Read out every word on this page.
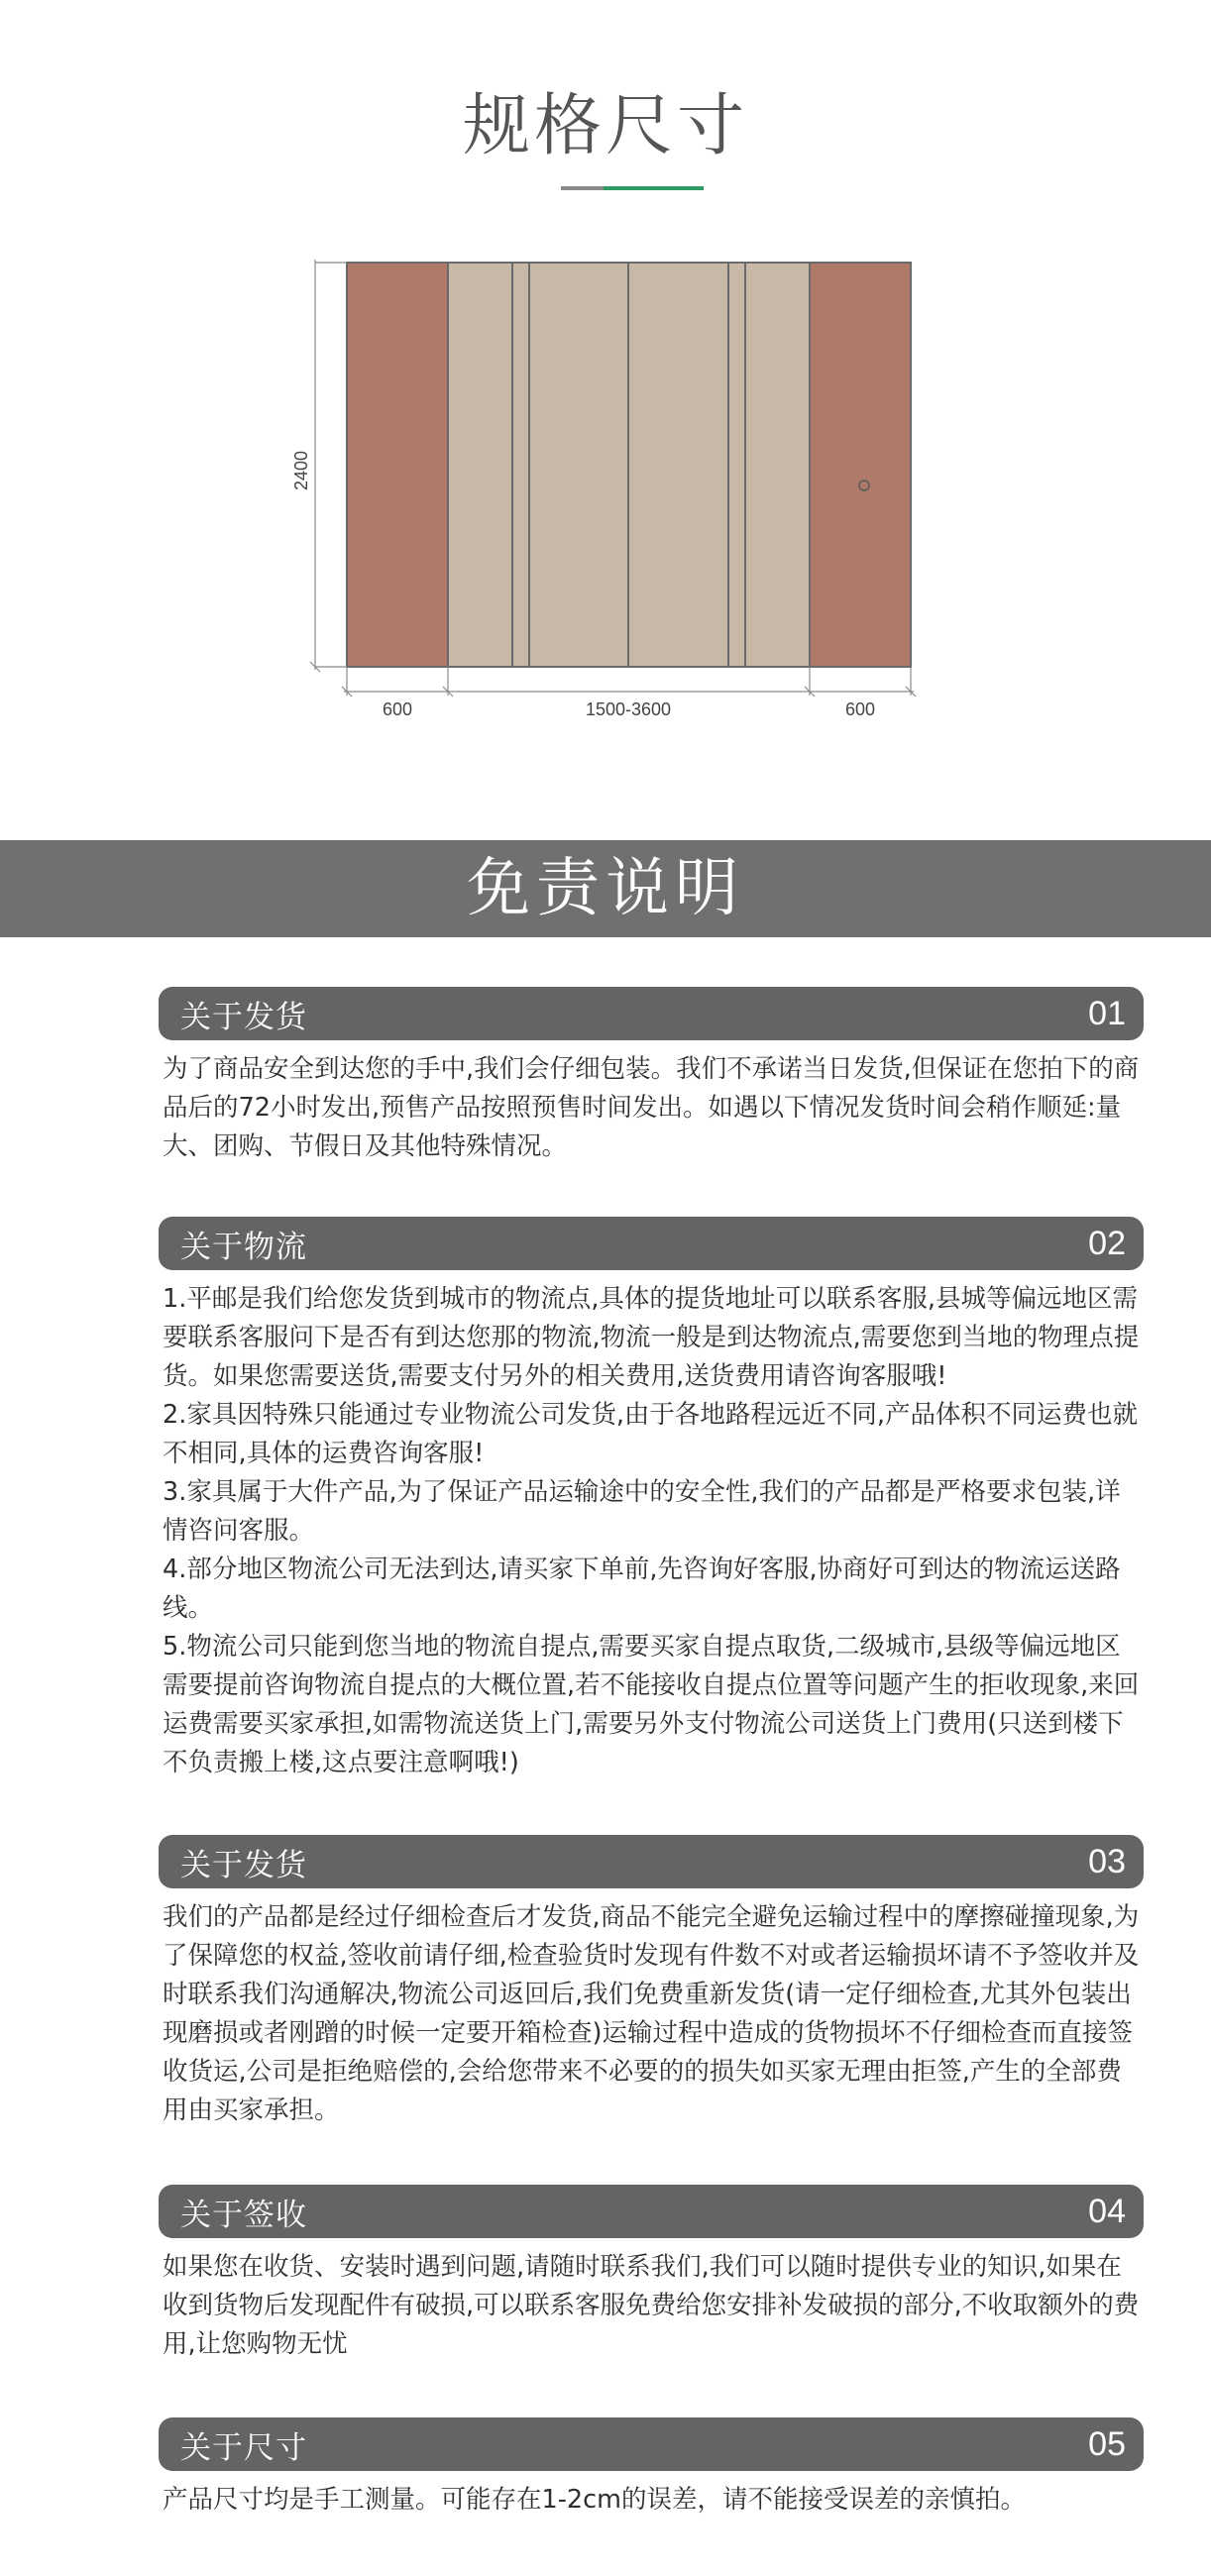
规格尺寸
2400
600	1500-3600	600
免责说明
关于发货	01

为了商品安全到达您的手中,我们会仔细包装。我们不承诺当日发货,但保证在您拍下的商品后的72小时发出,预售产品按照预售时间发出。如遇以下情况发货时间会稍作顺延:量大、团购、节假日及其他特殊情况。

关于物流	02

1.平邮是我们给您发货到城市的物流点,具体的提货地址可以联系客服,县城等偏远地区需要联系客服问下是否有到达您那的物流,物流一般是到达物流点,需要您到当地的物理点提货。如果您需要送货,需要支付另外的相关费用,送货费用请咨询客服哦!

2.家具因特殊只能通过专业物流公司发货,由于各地路程远近不同,产品体积不同运费也就不相同,具体的运费咨询客服!

3.家具属于大件产品,为了保证产品运输途中的安全性,我们的产品都是严格要求包装,详情咨问客服。

4.部分地区物流公司无法到达,请买家下单前,先咨询好客服,协商好可到达的物流运送路线。

5.物流公司只能到您当地的物流自提点,需要买家自提点取货,二级城市,县级等偏远地区需要提前咨询物流自提点的大概位置,若不能接收自提点位置等问题产生的拒收现象,来回运费需要买家承担,如需物流送货上门,需要另外支付物流公司送货上门费用(只送到楼下不负责搬上楼,这点要注意啊哦!)

关于发货	03

我们的产品都是经过仔细检查后才发货,商品不能完全避免运输过程中的摩擦碰撞现象,为了保障您的权益,签收前请仔细,检查验货时发现有件数不对或者运输损坏请不予签收并及时联系我们沟通解决,物流公司返回后,我们免费重新发货(请一定仔细检查,尤其外包装出现磨损或者刚蹭的时候一定要开箱检查)运输过程中造成的货物损坏不仔细检查而直接签收货运,公司是拒绝赔偿的,会给您带来不必要的的损失如买家无理由拒签,产生的全部费用由买家承担。

关于签收	04

如果您在收货、安装时遇到问题,请随时联系我们,我们可以随时提供专业的知识,如果在收到货物后发现配件有破损,可以联系客服免费给您安排补发破损的部分,不收取额外的费用,让您购物无忧

关于尺寸	05

产品尺寸均是手工测量。可能存在1-2cm的误差，请不能接受误差的亲慎拍。
